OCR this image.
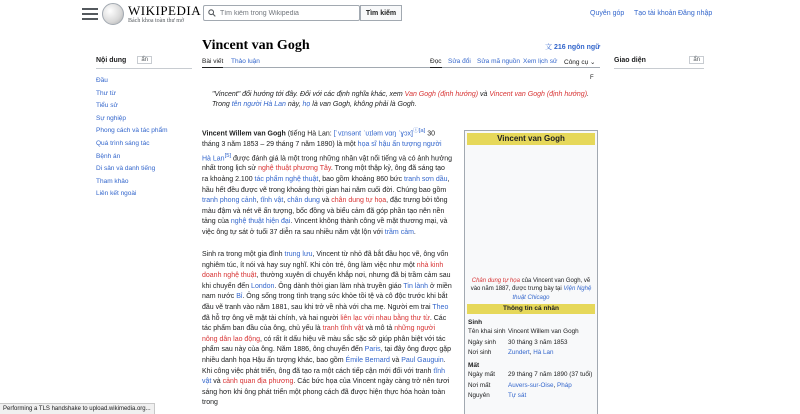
WIKIPEDIA
Bách khoa toàn thư mở
Tìm kiếm trong Wikipedia
Tìm kiếm	Quyên góp Tạo tài khoản Đăng nhập
Nội dung	ẩn
Đầu
Thư từ
Tiểu sử
Sự nghiệp
Phong cách và tác phẩm
Quá trình sáng tác
Bệnh án
Di sản và danh tiếng
Tham khảo
Liên kết ngoài
Vincent van Gogh	文 216 ngôn ngữ
Bài viết Thảo luận	Đọc Sửa đổi Sửa mã nguồn Xem lịch sử Công cụ ⌄
F
"Vincent" đổi hướng tới đây. Đối với các định nghĩa khác, xem Van Gogh (định hướng) và Vincent van Gogh (định hướng).
Trong tên người Hà Lan này, họ là van Gogh, không phải là Gogh.

Vincent Willem van Gogh (tiếng Hà Lan: [ˈvɪnsənt ˈʋɪləm vɑŋ ˈɣɔx]$^{ⓘ[a]}$ 30 tháng 3 năm 1853 – 29 tháng 7 năm 1890) là một họa sĩ hậu ấn tượng người Hà Lan[5] được đánh giá là một trong những nhân vật nổi tiếng và có ảnh hưởng nhất trong lịch sử nghệ thuật phương Tây. Trong một thập kỷ, ông đã sáng tạo ra khoảng 2.100 tác phẩm nghệ thuật, bao gồm khoảng 860 bức tranh sơn dầu, hầu hết đều được vẽ trong khoảng thời gian hai năm cuối đời. Chúng bao gồm tranh phong cảnh, tĩnh vật, chân dung và chân dung tự họa, đặc trưng bởi tông màu đậm và nét vẽ ấn tượng, bốc đồng và biểu cảm đã góp phần tạo nên nền tảng của nghệ thuật hiện đại. Vincent không thành công về mặt thương mại, và việc ông tự sát ở tuổi 37 diễn ra sau nhiều năm vật lộn với trầm cảm.

Sinh ra trong một gia đình trung lưu, Vincent từ nhỏ đã bắt đầu học vẽ, ông vốn nghiêm túc, ít nói và hay suy nghĩ. Khi còn trẻ, ông làm việc như một nhà kinh doanh nghệ thuật, thường xuyên di chuyển khắp nơi, nhưng đã bị trầm cảm sau khi chuyển đến London. Ông dành thời gian làm nhà truyền giáo Tin lành ở miền nam nước Bỉ. Ông sống trong tình trạng sức khỏe tồi tệ và cô độc trước khi bắt đầu vẽ tranh vào năm 1881, sau khi trở về nhà với cha mẹ. Người em trai Theo đã hỗ trợ ông về mặt tài chính, và hai người liên lạc với nhau bằng thư từ. Các tác phẩm ban đầu của ông, chủ yếu là tranh tĩnh vật và mô tả những người nông dân lao động, có rất ít dấu hiệu về màu sắc sặc sỡ giúp phân biệt với tác phẩm sau này của ông. Năm 1886, ông chuyển đến Paris, tại đây ông được gặp nhiều danh họa Hậu ấn tượng khác, bao gồm Émile Bernard và Paul Gauguin. Khi công việc phát triển, ông đã tạo ra một cách tiếp cận mới đối với tranh tĩnh vật và cảnh quan địa phương. Các bức họa của Vincent ngày càng trở nên tươi sáng hơn khi ông phát triển một phong cách đã được hiện thực hóa hoàn toàn trong

Vincent van Gogh
Chân dung tự họa của Vincent van Gogh, vẽ vào năm 1887, được trưng bày tại Viện Nghệ thuật Chicago
Thông tin cá nhân
Sinh
Tên khai sinh Vincent Willem van Gogh
Ngày sinh	30 tháng 3 năm 1853
Nơi sinh	Zundert, Hà Lan
Mất
Ngày mất	29 tháng 7 năm 1890 (37 tuổi)
Nơi mất	Auvers-sur-Oise, Pháp
Nguyên	Tự sát
Giao diện	ẩn
Performing a TLS handshake to upload.wikimedia.org...
